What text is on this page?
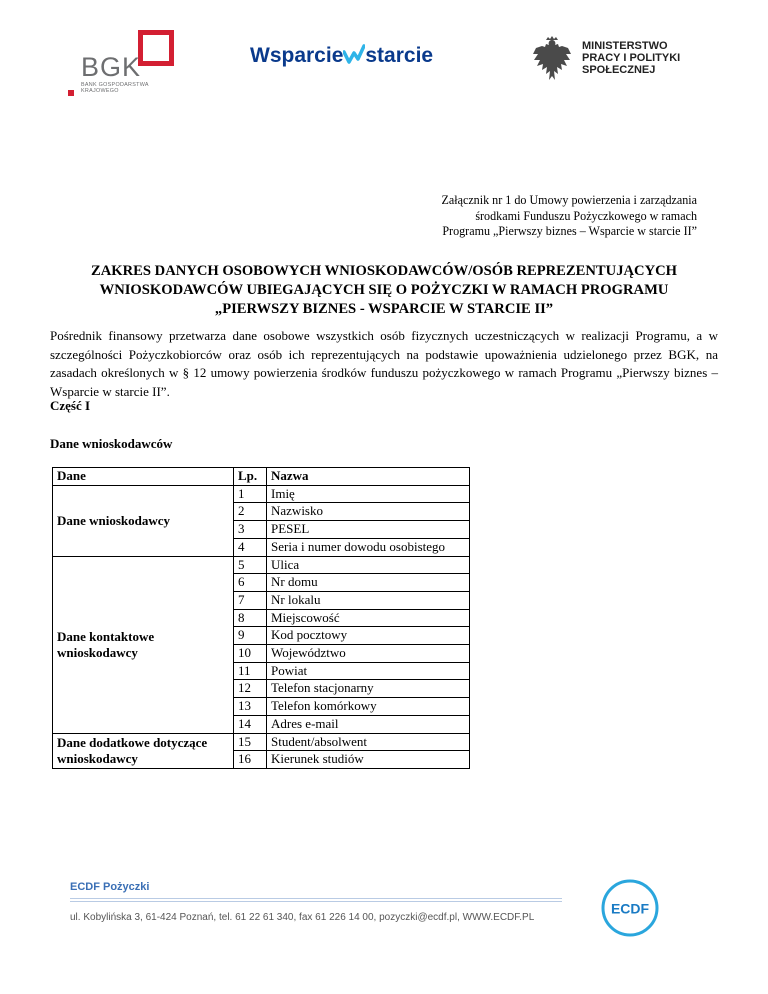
BGK
BANK GOSPODARSTWA
KRAJOWEGO
Wsparcie starcie	MINISTERSTWO
PRACY I POLITYKI
SPOŁECZNEJ
Załącznik nr 1 do Umowy powierzenia i zarządzania
środkami Funduszu Pożyczkowego w ramach
Programu „Pierwszy biznes – Wsparcie w starcie II”
ZAKRES DANYCH OSOBOWYCH WNIOSKODAWCÓW/OSÓB REPREZENTUJĄCYCH
WNIOSKODAWCÓW UBIEGAJĄCYCH SIĘ O POŻYCZKI W RAMACH PROGRAMU
„PIERWSZY BIZNES - WSPARCIE W STARCIE II”
Pośrednik finansowy przetwarza dane osobowe wszystkich osób fizycznych uczestniczących w realizacji Programu, a w szczególności Pożyczkobiorców oraz osób ich reprezentujących na podstawie upoważnienia udzielonego przez BGK, na zasadach określonych w § 12 umowy powierzenia środków funduszu pożyczkowego w ramach Programu „Pierwszy biznes – Wsparcie w starcie II”.
Część I
Dane wnioskodawców
Dane	Lp.	Nazwa
Dane wnioskodawcy	1	Imię
	2	Nazwisko
	3	PESEL
	4	Seria i numer dowodu osobistego
Dane kontaktowe wnioskodawcy	5	Ulica
	6	Nr domu
	7	Nr lokalu
	8	Miejscowość
	9	Kod pocztowy
	10	Województwo
	11	Powiat
	12	Telefon stacjonarny
	13	Telefon komórkowy
	14	Adres e-mail
Dane dodatkowe dotyczące wnioskodawcy	15	Student/absolwent
	16	Kierunek studiów
ECDF Pożyczki
ul. Kobylińska 3, 61-424 Poznań, tel. 61 22 61 340, fax 61 226 14 00, pozyczki@ecdf.pl, WWW.ECDF.PL
ECDF
